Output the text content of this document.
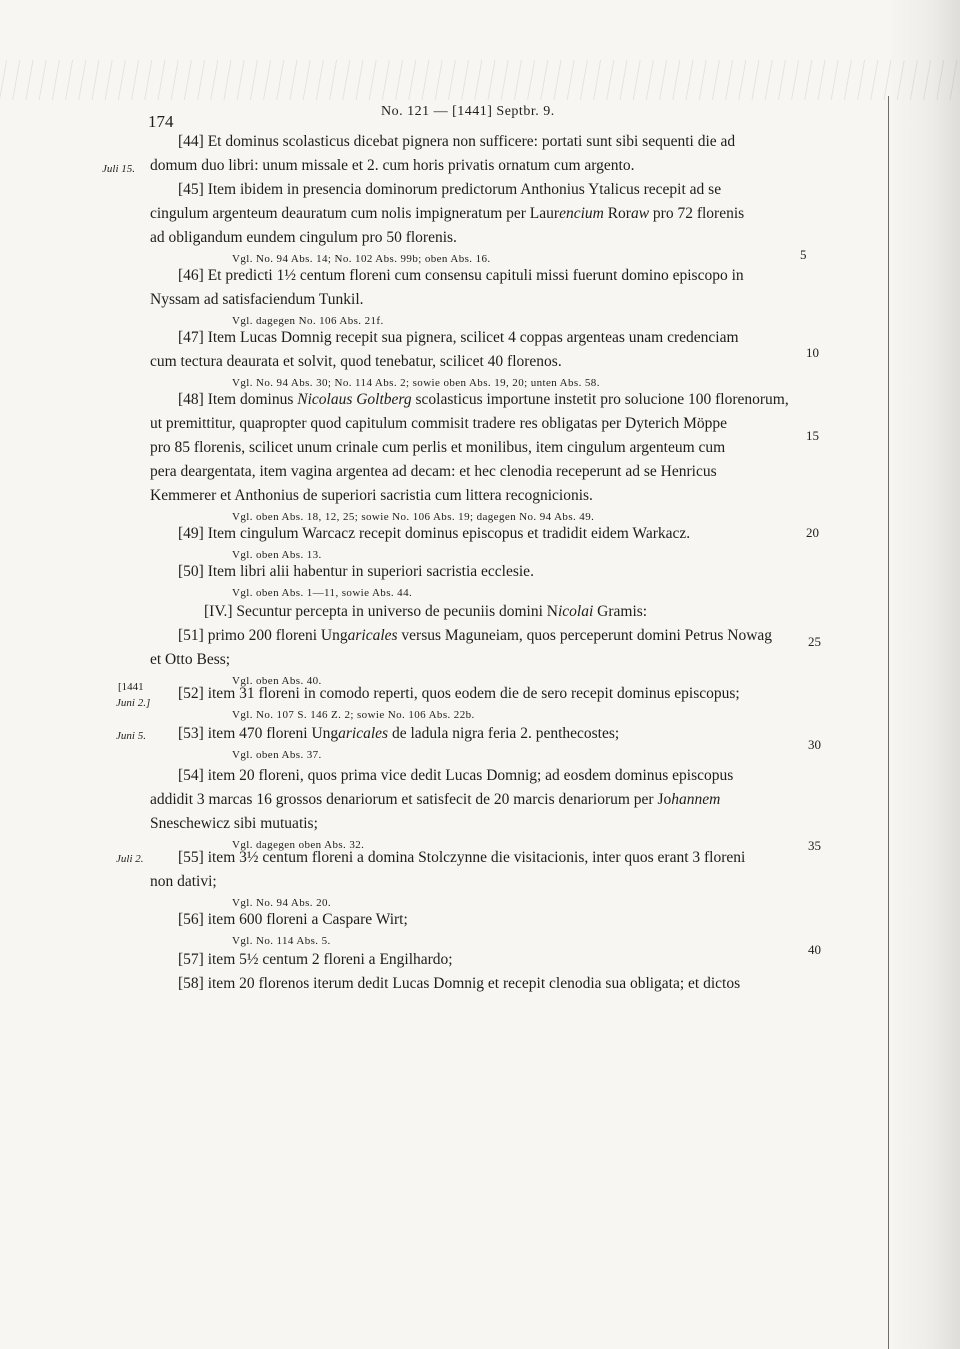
174
No. 121 — [1441] Septbr. 9.
Juli 15.
[1441
Juni 2.]
Juni 5.
Juli 2.
5
10
15
20
25
30
35
40
[44] Et dominus scolasticus dicebat pignera non sufficere: portati sunt sibi sequenti die ad
domum duo libri: unum missale et 2. cum horis privatis ornatum cum argento.
[45] Item ibidem in presencia dominorum predictorum Anthonius Ytalicus recepit ad se
cingulum argenteum deauratum cum nolis impigneratum per Laurencium Roraw pro 72 florenis
ad obligandum eundem cingulum pro 50 florenis.
Vgl. No. 94 Abs. 14; No. 102 Abs. 99b; oben Abs. 16.
[46] Et predicti 1½ centum floreni cum consensu capituli missi fuerunt domino episcopo in
Nyssam ad satisfaciendum Tunkil.
Vgl. dagegen No. 106 Abs. 21f.
[47] Item Lucas Domnig recepit sua pignera, scilicet 4 coppas argenteas unam credenciam
cum tectura deaurata et solvit, quod tenebatur, scilicet 40 florenos.
Vgl. No. 94 Abs. 30; No. 114 Abs. 2; sowie oben Abs. 19, 20; unten Abs. 58.
[48] Item dominus Nicolaus Goltberg scolasticus importune instetit pro solucione 100 florenorum,
ut premittitur, quapropter quod capitulum commisit tradere res obligatas per Dyterich Möppe
pro 85 florenis, scilicet unum crinale cum perlis et monilibus, item cingulum argenteum cum
pera deargentata, item vagina argentea ad decam: et hec clenodia receperunt ad se Henricus
Kemmerer et Anthonius de superiori sacristia cum littera recognicionis.
Vgl. oben Abs. 18, 12, 25; sowie No. 106 Abs. 19; dagegen No. 94 Abs. 49.
[49] Item cingulum Warcacz recepit dominus episcopus et tradidit eidem Warkacz.
Vgl. oben Abs. 13.
[50] Item libri alii habentur in superiori sacristia ecclesie.
Vgl. oben Abs. 1—11, sowie Abs. 44.
[IV.] Secuntur percepta in universo de pecuniis domini Nicolai Gramis:
[51] primo 200 floreni Ungaricales versus Maguneiam, quos perceperunt domini Petrus Nowag
et Otto Bess;
Vgl. oben Abs. 40.
[52] item 31 floreni in comodo reperti, quos eodem die de sero recepit dominus episcopus;
Vgl. No. 107 S. 146 Z. 2; sowie No. 106 Abs. 22b.
[53] item 470 floreni Ungaricales de ladula nigra feria 2. penthecostes;
Vgl. oben Abs. 37.
[54] item 20 floreni, quos prima vice dedit Lucas Domnig; ad eosdem dominus episcopus
addidit 3 marcas 16 grossos denariorum et satisfecit de 20 marcis denariorum per Johannem
Sneschewicz sibi mutuatis;
Vgl. dagegen oben Abs. 32.
[55] item 3½ centum floreni a domina Stolczynne die visitacionis, inter quos erant 3 floreni
non dativi;
Vgl. No. 94 Abs. 20.
[56] item 600 floreni a Caspare Wirt;
Vgl. No. 114 Abs. 5.
[57] item 5½ centum 2 floreni a Engilhardo;
[58] item 20 florenos iterum dedit Lucas Domnig et recepit clenodia sua obligata; et dictos
